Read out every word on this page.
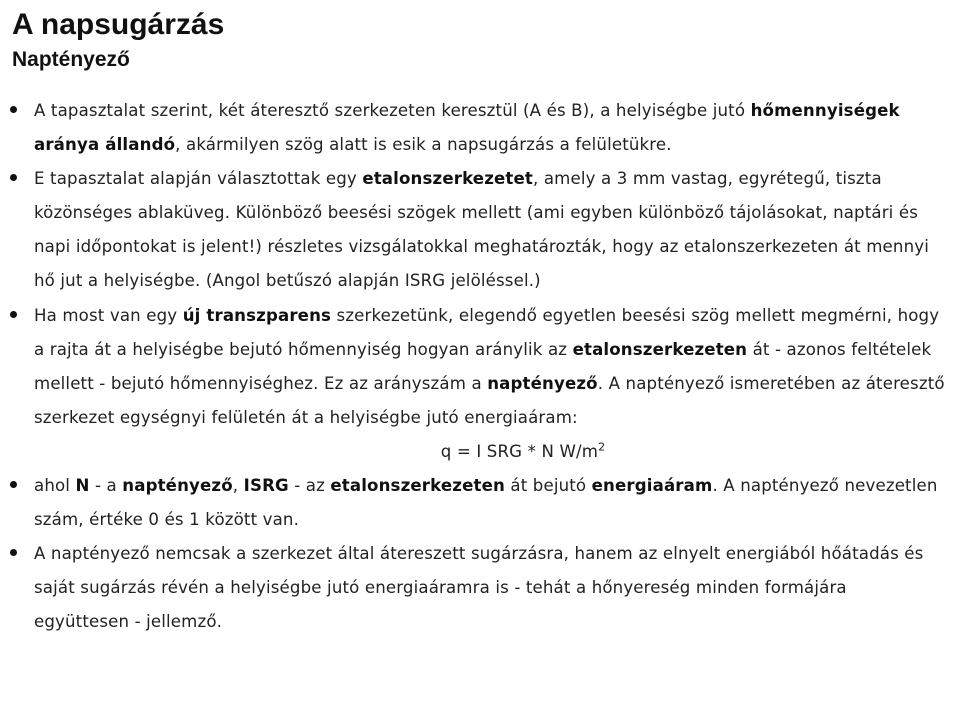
A napsugárzás
Naptényező
A tapasztalat szerint, két áteresztő szerkezeten keresztül (A és B), a helyiségbe jutó hőmennyiségek aránya állandó, akármilyen szög alatt is esik a napsugárzás a felületükre.
E tapasztalat alapján választottak egy etalonszerkezetet, amely a 3 mm vastag, egyrétegű, tiszta közönséges ablaküveg. Különböző beesési szögek mellett (ami egyben különböző tájolásokat, naptári és napi időpontokat is jelent!) részletes vizsgálatokkal meghatározták, hogy az etalonszerkezeten át mennyi hő jut a helyiségbe. (Angol betűszó alapján ISRG jelöléssel.)
Ha most van egy új transzparens szerkezetünk, elegendő egyetlen beesési szög mellett megmérni, hogy a rajta át a helyiségbe bejutó hőmennyiség hogyan aránylik az etalonszerkezeten át - azonos feltételek mellett - bejutó hőmennyiséghez. Ez az arányszám a naptényező. A naptényező ismeretében az áteresztő szerkezet egységnyi felületén át a helyiségbe jutó energiaáram:
q = I SRG * N $W/m^2$
ahol N - a naptényező, ISRG - az etalonszerkezeten át bejutó energiaáram. A naptényező nevezetlen szám, értéke 0 és 1 között van.
A naptényező nemcsak a szerkezet által átereszett sugárzásra, hanem az elnyelt energiából hőátadás és saját sugárzás révén a helyiségbe jutó energiaáramra is - tehát a hőnyereség minden formájára együttesen - jellemző.
